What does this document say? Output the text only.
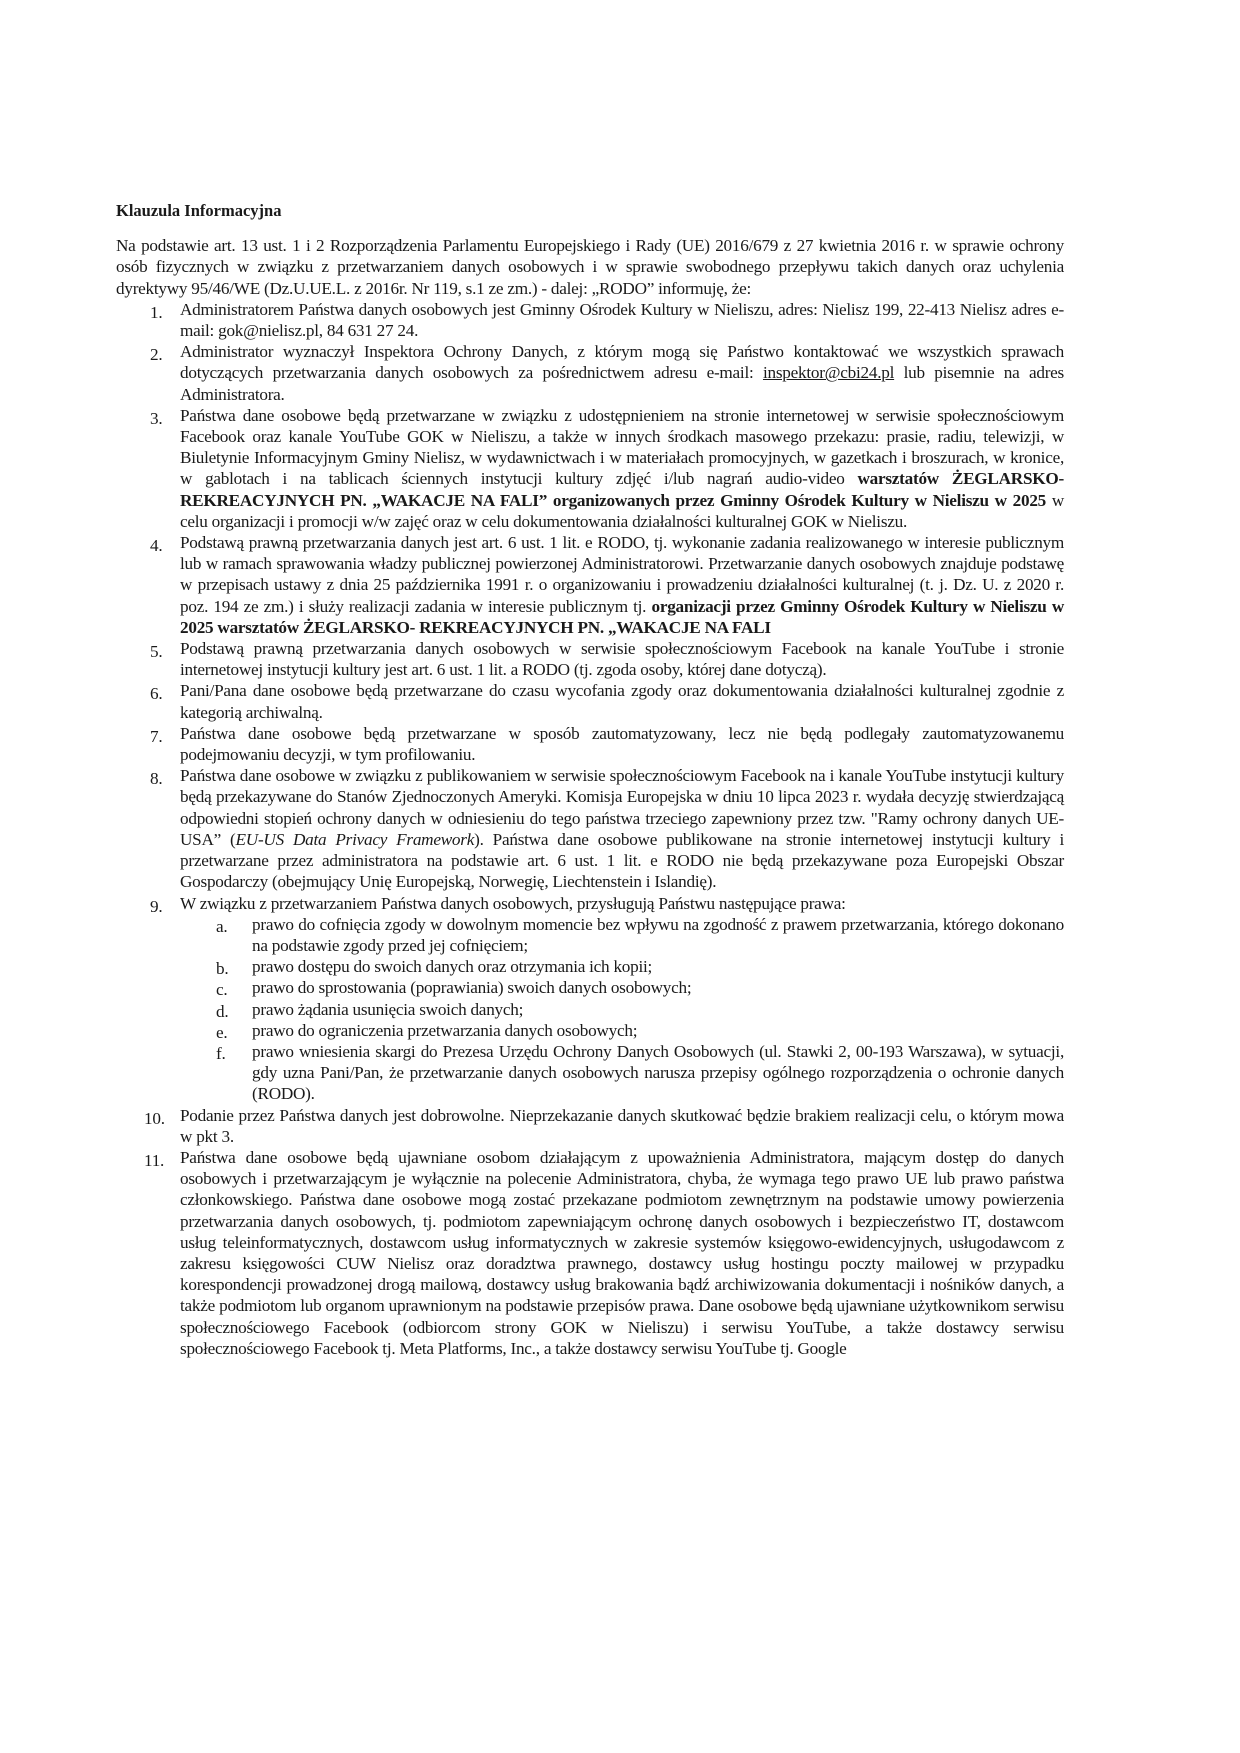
Klauzula Informacyjna
Na podstawie art. 13 ust. 1 i 2 Rozporządzenia Parlamentu Europejskiego i Rady (UE) 2016/679 z 27 kwietnia 2016 r. w sprawie ochrony osób fizycznych w związku z przetwarzaniem danych osobowych i w sprawie swobodnego przepływu takich danych oraz uchylenia dyrektywy 95/46/WE (Dz.U.UE.L. z 2016r. Nr 119, s.1 ze zm.) - dalej: „RODO” informuję, że:
1. Administratorem Państwa danych osobowych jest Gminny Ośrodek Kultury w Nieliszu, adres: Nielisz 199, 22-413 Nielisz adres e-mail: gok@nielisz.pl, 84 631 27 24.
2. Administrator wyznaczył Inspektora Ochrony Danych, z którym mogą się Państwo kontaktować we wszystkich sprawach dotyczących przetwarzania danych osobowych za pośrednictwem adresu e-mail: inspektor@cbi24.pl lub pisemnie na adres Administratora.
3. Państwa dane osobowe będą przetwarzane w związku z udostępnieniem na stronie internetowej w serwisie społecznościowym Facebook oraz kanale YouTube GOK w Nieliszu, a także w innych środkach masowego przekazu: prasie, radiu, telewizji, w Biuletynie Informacyjnym Gminy Nielisz, w wydawnictwach i w materiałach promocyjnych, w gazetkach i broszurach, w kronice, w gablotach i na tablicach ściennych instytucji kultury zdjęć i/lub nagrań audio-video warsztatów ŻEGLARSKO-REKREACYJNYCH PN. „WAKACJE NA FALI” organizowanych przez Gminny Ośrodek Kultury w Nieliszu w 2025 w celu organizacji i promocji w/w zajęć oraz w celu dokumentowania działalności kulturalnej GOK w Nieliszu.
4. Podstawą prawną przetwarzania danych jest art. 6 ust. 1 lit. e RODO, tj. wykonanie zadania realizowanego w interesie publicznym lub w ramach sprawowania władzy publicznej powierzonej Administratorowi. Przetwarzanie danych osobowych znajduje podstawę w przepisach ustawy z dnia 25 października 1991 r. o organizowaniu i prowadzeniu działalności kulturalnej (t. j. Dz. U. z 2020 r. poz. 194 ze zm.) i służy realizacji zadania w interesie publicznym tj. organizacji przez Gminny Ośrodek Kultury w Nieliszu w 2025 warsztatów ŻEGLARSKO- REKREACYJNYCH PN. „WAKACJE NA FALI
5. Podstawą prawną przetwarzania danych osobowych w serwisie społecznościowym Facebook na kanale YouTube i stronie internetowej instytucji kultury jest art. 6 ust. 1 lit. a RODO (tj. zgoda osoby, której dane dotyczą).
6. Pani/Pana dane osobowe będą przetwarzane do czasu wycofania zgody oraz dokumentowania działalności kulturalnej zgodnie z kategorią archiwalną.
7. Państwa dane osobowe będą przetwarzane w sposób zautomatyzowany, lecz nie będą podlegały zautomatyzowanemu podejmowaniu decyzji, w tym profilowaniu.
8. Państwa dane osobowe w związku z publikowaniem w serwisie społecznościowym Facebook na i kanale YouTube instytucji kultury będą przekazywane do Stanów Zjednoczonych Ameryki. Komisja Europejska w dniu 10 lipca 2023 r. wydała decyzję stwierdzającą odpowiedni stopień ochrony danych w odniesieniu do tego państwa trzeciego zapewniony przez tzw. "Ramy ochrony danych UE-USA” (EU-US Data Privacy Framework). Państwa dane osobowe publikowane na stronie internetowej instytucji kultury i przetwarzane przez administratora na podstawie art. 6 ust. 1 lit. e RODO nie będą przekazywane poza Europejski Obszar Gospodarczy (obejmujący Unię Europejską, Norwegię, Liechtenstein i Islandię).
9. W związku z przetwarzaniem Państwa danych osobowych, przysługują Państwu następujące prawa:
a. prawo do cofnięcia zgody w dowolnym momencie bez wpływu na zgodność z prawem przetwarzania, którego dokonano na podstawie zgody przed jej cofnięciem;
b. prawo dostępu do swoich danych oraz otrzymania ich kopii;
c. prawo do sprostowania (poprawiania) swoich danych osobowych;
d. prawo żądania usunięcia swoich danych;
e. prawo do ograniczenia przetwarzania danych osobowych;
f. prawo wniesienia skargi do Prezesa Urzędu Ochrony Danych Osobowych (ul. Stawki 2, 00-193 Warszawa), w sytuacji, gdy uzna Pani/Pan, że przetwarzanie danych osobowych narusza przepisy ogólnego rozporządzenia o ochronie danych (RODO).
10. Podanie przez Państwa danych jest dobrowolne. Nieprzekazanie danych skutkować będzie brakiem realizacji celu, o którym mowa w pkt 3.
11. Państwa dane osobowe będą ujawniane osobom działającym z upoważnienia Administratora, mającym dostęp do danych osobowych i przetwarzającym je wyłącznie na polecenie Administratora, chyba, że wymaga tego prawo UE lub prawo państwa członkowskiego. Państwa dane osobowe mogą zostać przekazane podmiotom zewnętrznym na podstawie umowy powierzenia przetwarzania danych osobowych, tj. podmiotom zapewniającym ochronę danych osobowych i bezpieczeństwo IT, dostawcom usług teleinformatycznych, dostawcom usług informatycznych w zakresie systemów księgowo-ewidencyjnych, usługodawcom z zakresu księgowości CUW Nielisz oraz doradztwa prawnego, dostawcy usług hostingu poczty mailowej w przypadku korespondencji prowadzonej drogą mailową, dostawcy usług brakowania bądź archiwizowania dokumentacji i nośników danych, a także podmiotom lub organom uprawnionym na podstawie przepisów prawa. Dane osobowe będą ujawniane użytkownikom serwisu społecznościowego Facebook (odbiorcom strony GOK w Nieliszu) i serwisu YouTube, a także dostawcy serwisu społecznościowego Facebook tj. Meta Platforms, Inc., a także dostawcy serwisu YouTube tj. Google
